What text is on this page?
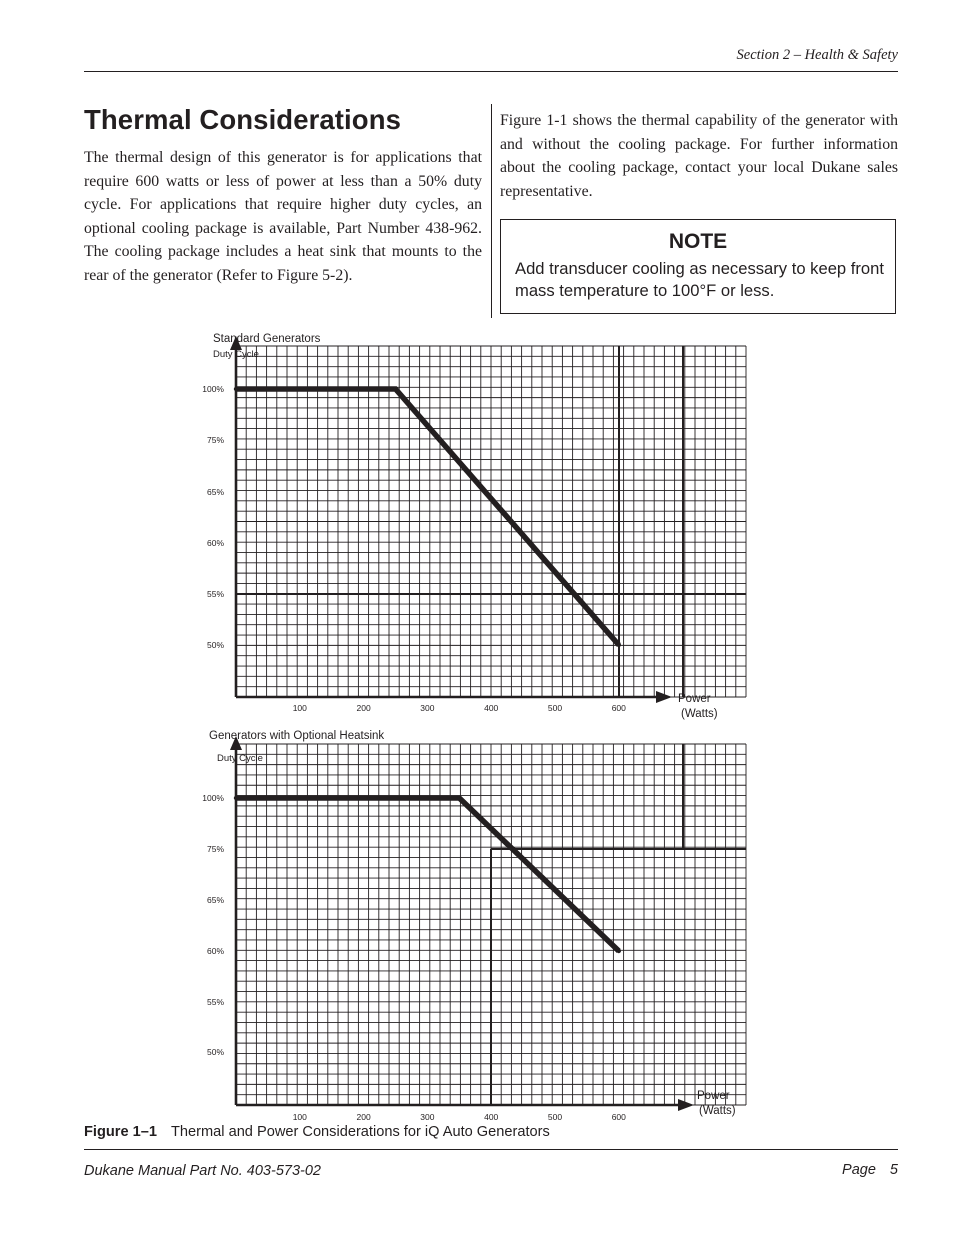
Section 2 – Health & Safety
Thermal Considerations

The thermal design of this generator is for applications that require 600 watts or less of power at less than a 50% duty cycle. For applications that require higher duty cycles, an optional cooling package is available, Part Number 438-962. The cooling package includes a heat sink that mounts to the rear of the generator (Refer to Figure 5-2).

Figure 1-1 shows the thermal capability of the generator with and without the cooling package. For further information about the cooling package, contact your local Dukane sales representative.

NOTE
Add transducer cooling as necessary to keep front mass temperature to 100°F or less.
Standard Generators
Duty Cycle
Power
(Watts)
100%
75%
65%
60%
55%
50%
100	200	300	400	500	600
Generators with Optional Heatsink
Duty Cycle
Power
(Watts)
100%
75%
65%
60%
55%
50%
100	200	300	400	500	600
Figure 1–1 Thermal and Power Considerations for iQ Auto Generators
Dukane Manual Part No. 403-573-02	Page 5
